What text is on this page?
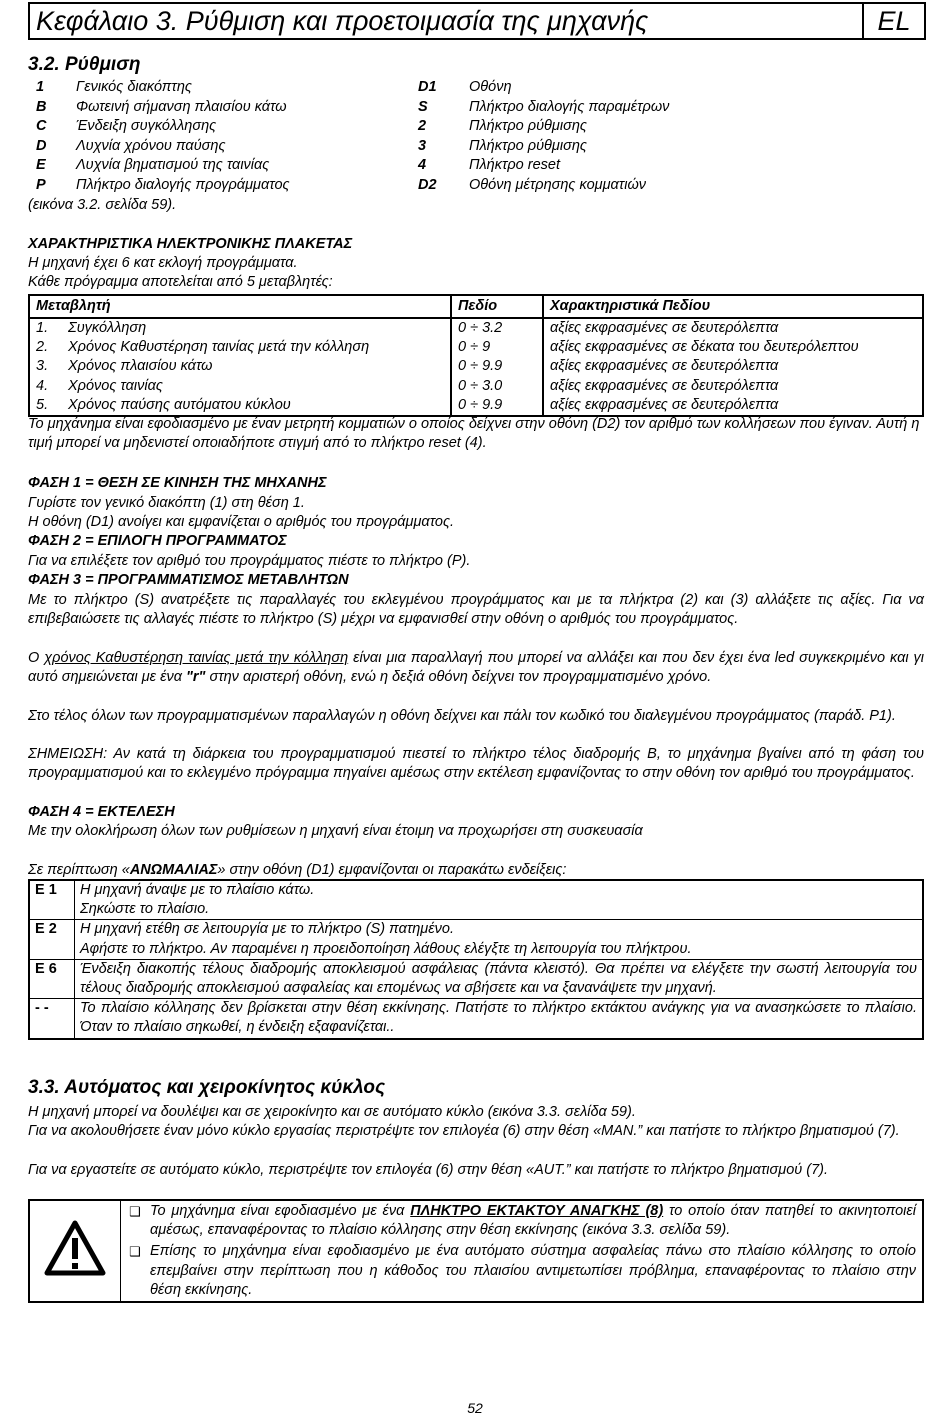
Κεφάλαιο 3. Ρύθμιση και προετοιμασία της μηχανής	EL
3.2. Ρύθμιση
1 Γενικός διακόπτης	D1 Οθόνη
B Φωτεινή σήμανση πλαισίου κάτω	S	Πλήκτρο διαλογής παραμέτρων
C Ένδειξη συγκόλλησης	2	Πλήκτρο ρύθμισης
D Λυχνία χρόνου παύσης	3	Πλήκτρο ρύθμισης
E Λυχνία βηματισμού της ταινίας	4	Πλήκτρο reset
P Πλήκτρο διαλογής προγράμματος	D2 Οθόνη μέτρησης κομματιών
(εικόνα 3.2. σελίδα 59).
ΧΑΡΑΚΤΗΡΙΣΤΙΚΑ ΗΛΕΚΤΡΟΝΙΚΗΣ ΠΛΑΚΕΤΑΣ
Η μηχανή έχει 6 κατ εκλογή προγράμματα.
Κάθε πρόγραμμα αποτελείται από 5 μεταβλητές:
Μεταβλητή	Πεδίο	Χαρακτηριστικά Πεδίου
1. Συγκόλληση	0 ÷ 3.2	αξίες εκφρασμένες σε δευτερόλεπτα
2. Χρόνος Καθυστέρηση ταινίας μετά την κόλληση	0 ÷ 9	αξίες εκφρασμένες σε δέκατα του δευτερόλεπτου
3. Χρόνος πλαισίου κάτω	0 ÷ 9.9	αξίες εκφρασμένες σε δευτερόλεπτα
4. Χρόνος ταινίας	0 ÷ 3.0	αξίες εκφρασμένες σε δευτερόλεπτα
5. Χρόνος παύσης αυτόματου κύκλου	0 ÷ 9.9	αξίες εκφρασμένες σε δευτερόλεπτα
Το μηχάνημα είναι εφοδιασμένο με έναν μετρητή κομματιών ο οποίος δείχνει στην οθόνη (D2) τον αριθμό των κολλήσεων που έγιναν. Αυτή η τιμή μπορεί να μηδενιστεί οποιαδήποτε στιγμή από το πλήκτρο reset (4).
ΦΑΣΗ 1 = ΘΕΣΗ ΣΕ ΚΙΝΗΣΗ ΤΗΣ ΜΗΧΑΝΗΣ
Γυρίστε τον γενικό διακόπτη (1) στη θέση 1.
Η οθόνη (D1) ανοίγει και εμφανίζεται ο αριθμός του προγράμματος.
ΦΑΣΗ 2 = ΕΠΙΛΟΓΗ ΠΡΟΓΡΑΜΜΑΤΟΣ
Για να επιλέξετε τον αριθμό του προγράμματος πιέστε το πλήκτρο (P).
ΦΑΣΗ 3 = ΠΡΟΓΡΑΜΜΑΤΙΣΜΟΣ ΜΕΤΑΒΛΗΤΩΝ
Με το πλήκτρο (S) ανατρέξετε τις παραλλαγές του εκλεγμένου προγράμματος και με τα πλήκτρα (2) και (3) αλλάξετε τις αξίες. Για να επιβεβαιώσετε τις αλλαγές πιέστε το πλήκτρο (S) μέχρι να εμφανισθεί στην οθόνη ο αριθμός του προγράμματος.
Ο χρόνος Καθυστέρηση ταινίας μετά την κόλληση είναι μια παραλλαγή που μπορεί να αλλάξει και που δεν έχει ένα led συγκεκριμένο και γι αυτό σημειώνεται με ένα "r" στην αριστερή οθόνη, ενώ η δεξιά οθόνη δείχνει τον προγραμματισμένο χρόνο.
Στο τέλος όλων των προγραμματισμένων παραλλαγών η οθόνη δείχνει και πάλι τον κωδικό του διαλεγμένου προγράμματος (παράδ. P1).
ΣΗΜΕΙΩΣΗ: Αν κατά τη διάρκεια του προγραμματισμού πιεστεί το πλήκτρο τέλος διαδρομής B, το μηχάνημα βγαίνει από τη φάση του προγραμματισμού και το εκλεγμένο πρόγραμμα πηγαίνει αμέσως στην εκτέλεση εμφανίζοντας το στην οθόνη τον αριθμό του προγράμματος.
ΦΑΣΗ 4 = ΕΚΤΕΛΕΣΗ
Με την ολοκλήρωση όλων των ρυθμίσεων η μηχανή είναι έτοιμη να προχωρήσει στη συσκευασία
Σε περίπτωση «ΑΝΩΜΑΛΙΑΣ» στην οθόνη (D1) εμφανίζονται οι παρακάτω ενδείξεις:
E 1	Η μηχανή άναψε με το πλαίσιο κάτω.
Σηκώστε το πλαίσιο.

E 2	Η μηχανή ετέθη σε λειτουργία με το πλήκτρο (S) πατημένο.
Αφήστε το πλήκτρο. Αν παραμένει η προειδοποίηση λάθους ελέγξτε τη λειτουργία του πλήκτρου.

E 6	Ένδειξη διακοπής τέλους διαδρομής αποκλεισμού ασφάλειας (πάντα κλειστό). Θα πρέπει να ελέγξετε την σωστή λειτουργία του τέλους διαδρομής αποκλεισμού ασφαλείας και επομένως να σβήσετε και να ξανανάψετε την μηχανή.

- -	Το πλαίσιο κόλλησης δεν βρίσκεται στην θέση εκκίνησης. Πατήστε το πλήκτρο εκτάκτου ανάγκης για να ανασηκώσετε το πλαίσιο. Όταν το πλαίσιο σηκωθεί, η ένδειξη εξαφανίζεται..
3.3. Αυτόματος και χειροκίνητος κύκλος
Η μηχανή μπορεί να δουλέψει και σε χειροκίνητο και σε αυτόματο κύκλο (εικόνα 3.3. σελίδα 59).
Για να ακολουθήσετε έναν μόνο κύκλο εργασίας περιστρέψτε τον επιλογέα (6) στην θέση «MAN.” και πατήστε το πλήκτρο βηματισμού (7).
Για να εργαστείτε σε αυτόματο κύκλο, περιστρέψτε τον επιλογέα (6) στην θέση «AUT.” και πατήστε το πλήκτρο βηματισμού (7).
	❑	Το μηχάνημα είναι εφοδιασμένο με ένα ΠΛΗΚΤΡΟ ΕΚΤΑΚΤΟΥ ΑΝΑΓΚΗΣ (8) το οποίο όταν πατηθεί το ακινητοποιεί αμέσως, επαναφέροντας το πλαίσιο κόλλησης στην θέση εκκίνησης (εικόνα 3.3. σελίδα 59).
	❑	Επίσης το μηχάνημα είναι εφοδιασμένο με ένα αυτόματο σύστημα ασφαλείας πάνω στο πλαίσιο κόλλησης το οποίο επεμβαίνει στην περίπτωση που η κάθοδος του πλαισίου αντιμετωπίσει πρόβλημα, επαναφέροντας το πλαίσιο στην θέση εκκίνησης.
52
